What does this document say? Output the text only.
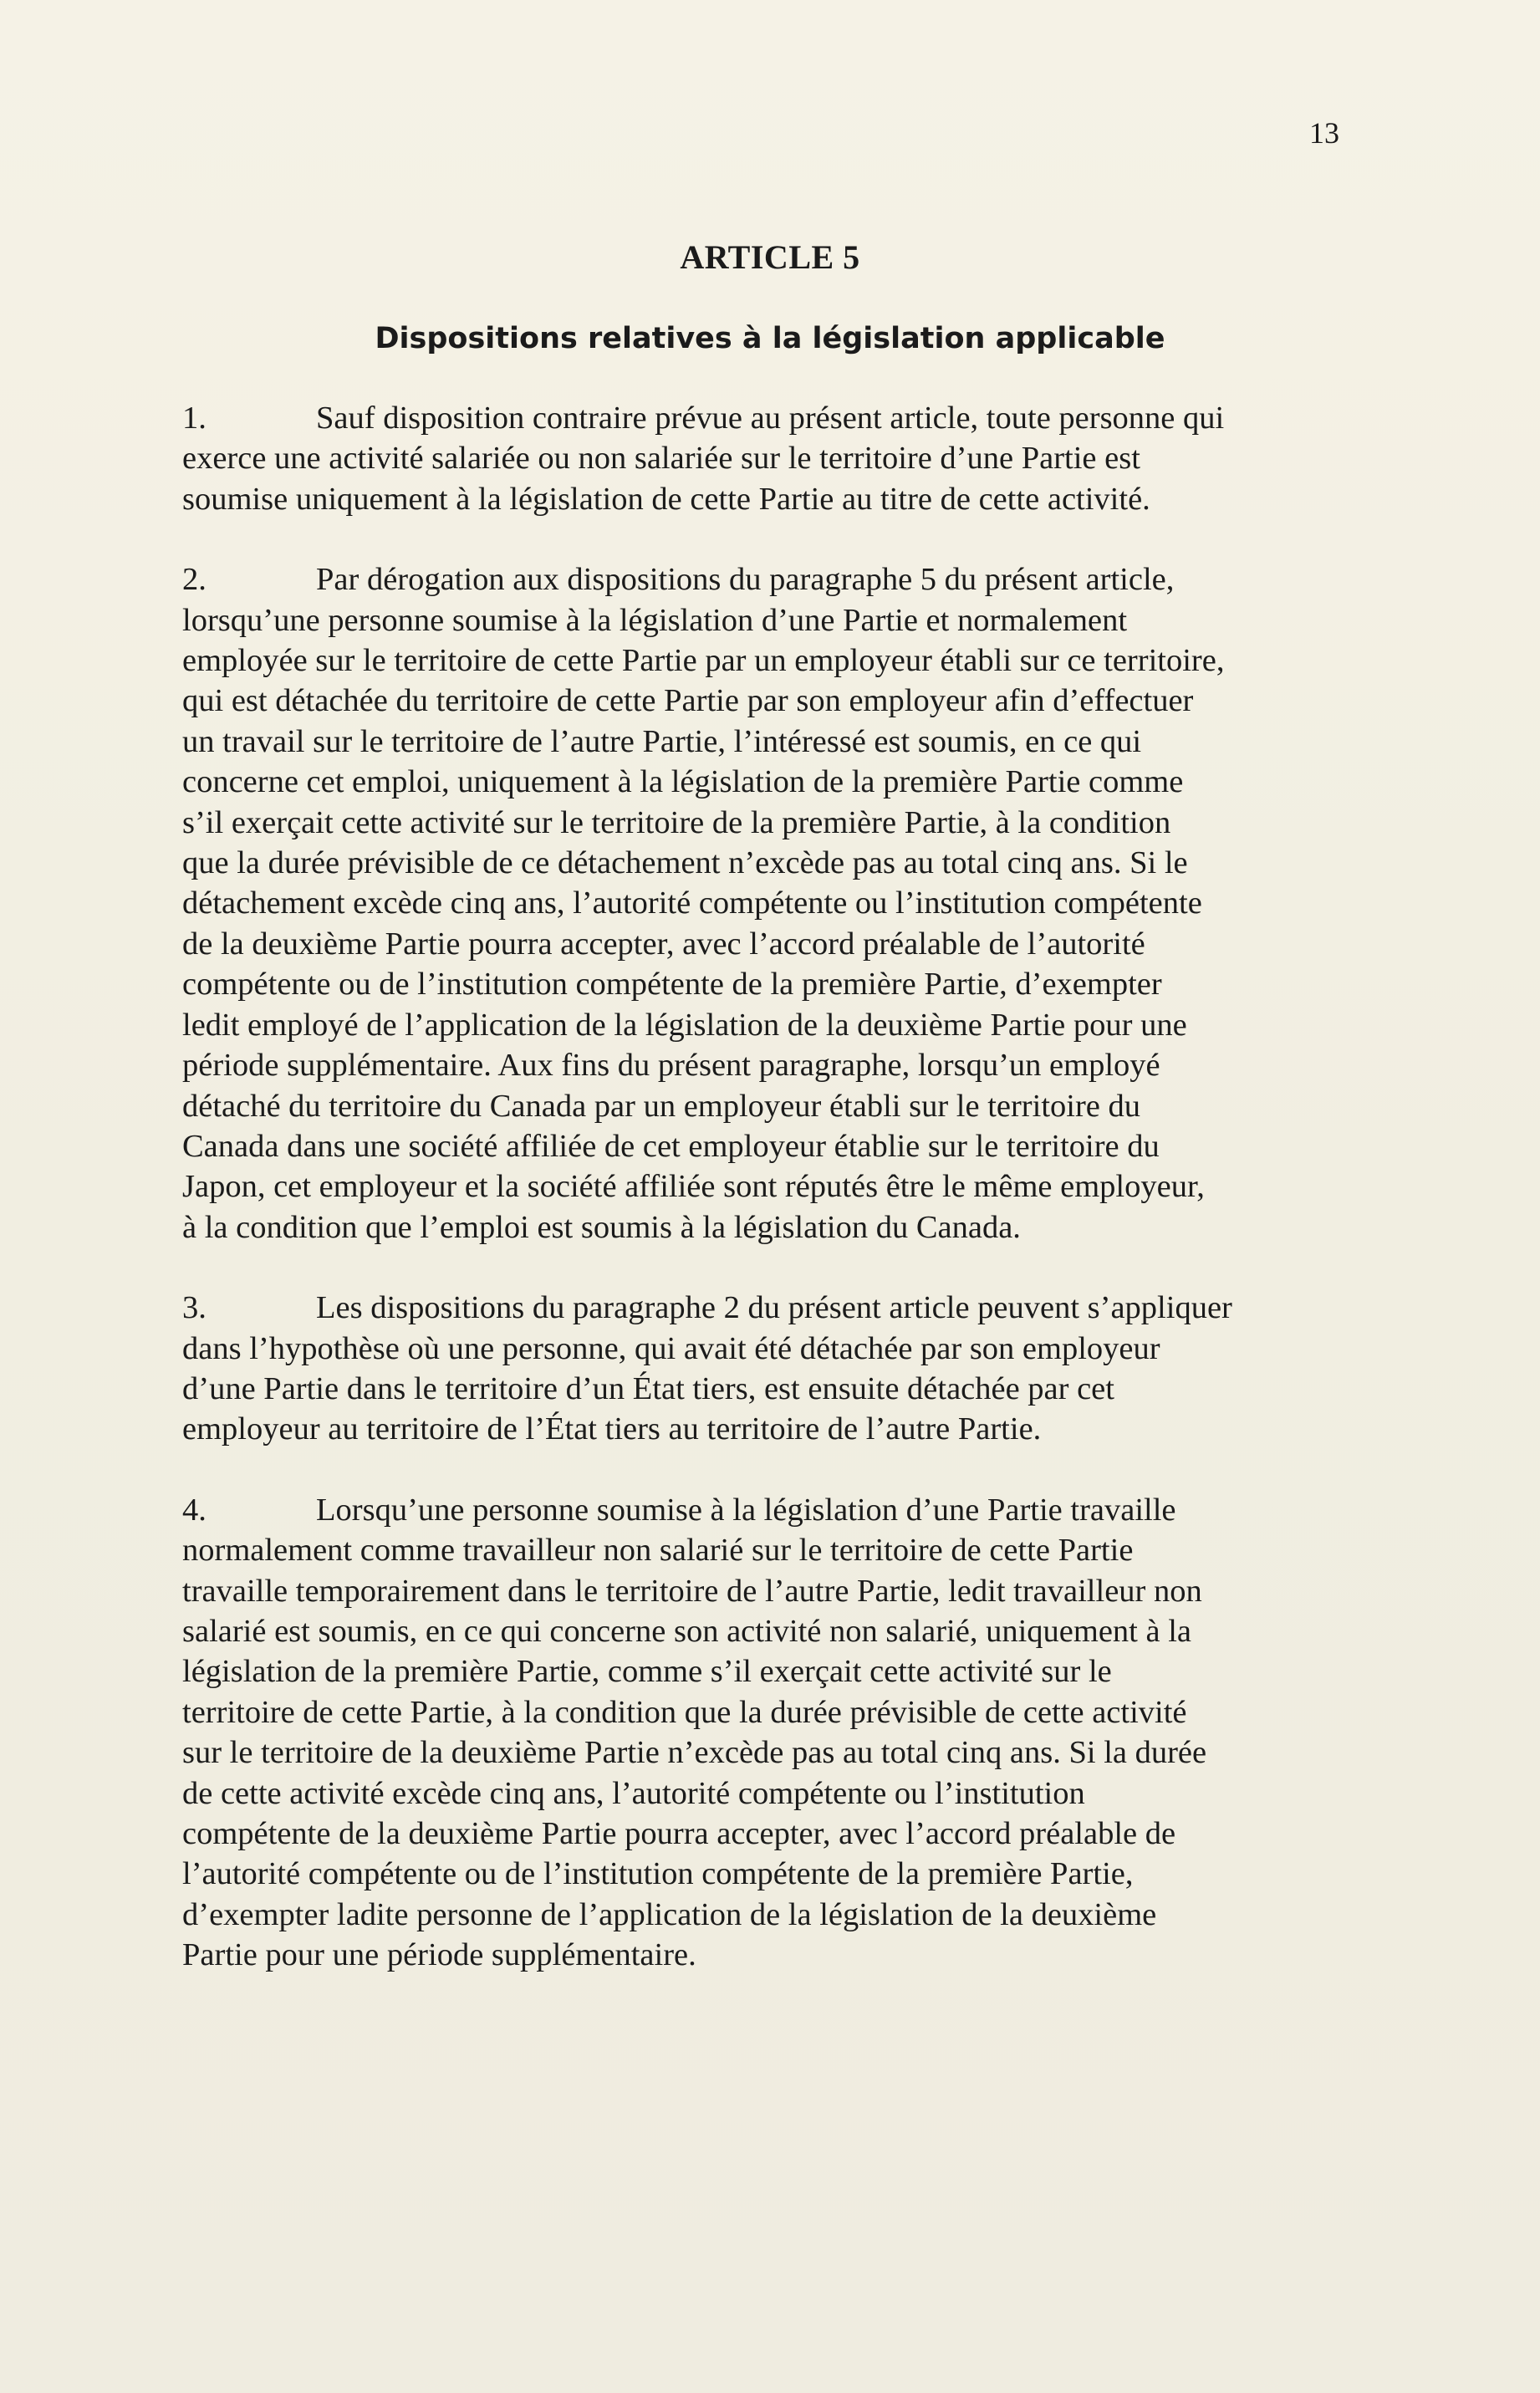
13
ARTICLE 5
Dispositions relatives à la législation applicable
1.	Sauf disposition contraire prévue au présent article, toute personne qui
exerce une activité salariée ou non salariée sur le territoire d’une Partie est
soumise uniquement à la législation de cette Partie au titre de cette activité.
2.	Par dérogation aux dispositions du paragraphe 5 du présent article,
lorsqu’une personne soumise à la législation d’une Partie et normalement
employée sur le territoire de cette Partie par un employeur établi sur ce territoire,
qui est détachée du territoire de cette Partie par son employeur afin d’effectuer
un travail sur le territoire de l’autre Partie, l’intéressé est soumis, en ce qui
concerne cet emploi, uniquement à la législation de la première Partie comme
s’il exerçait cette activité sur le territoire de la première Partie, à la condition
que la durée prévisible de ce détachement n’excède pas au total cinq ans. Si le
détachement excède cinq ans, l’autorité compétente ou l’institution compétente
de la deuxième Partie pourra accepter, avec l’accord préalable de l’autorité
compétente ou de l’institution compétente de la première Partie, d’exempter
ledit employé de l’application de la législation de la deuxième Partie pour une
période supplémentaire. Aux fins du présent paragraphe, lorsqu’un employé
détaché du territoire du Canada par un employeur établi sur le territoire du
Canada dans une société affiliée de cet employeur établie sur le territoire du
Japon, cet employeur et la société affiliée sont réputés être le même employeur,
à la condition que l’emploi est soumis à la législation du Canada.
3.	Les dispositions du paragraphe 2 du présent article peuvent s’appliquer
dans l’hypothèse où une personne, qui avait été détachée par son employeur
d’une Partie dans le territoire d’un État tiers, est ensuite détachée par cet
employeur au territoire de l’État tiers au territoire de l’autre Partie.
4.	Lorsqu’une personne soumise à la législation d’une Partie travaille
normalement comme travailleur non salarié sur le territoire de cette Partie
travaille temporairement dans le territoire de l’autre Partie, ledit travailleur non
salarié est soumis, en ce qui concerne son activité non salarié, uniquement à la
législation de la première Partie, comme s’il exerçait cette activité sur le
territoire de cette Partie, à la condition que la durée prévisible de cette activité
sur le territoire de la deuxième Partie n’excède pas au total cinq ans. Si la durée
de cette activité excède cinq ans, l’autorité compétente ou l’institution
compétente de la deuxième Partie pourra accepter, avec l’accord préalable de
l’autorité compétente ou de l’institution compétente de la première Partie,
d’exempter ladite personne de l’application de la législation de la deuxième
Partie pour une période supplémentaire.
